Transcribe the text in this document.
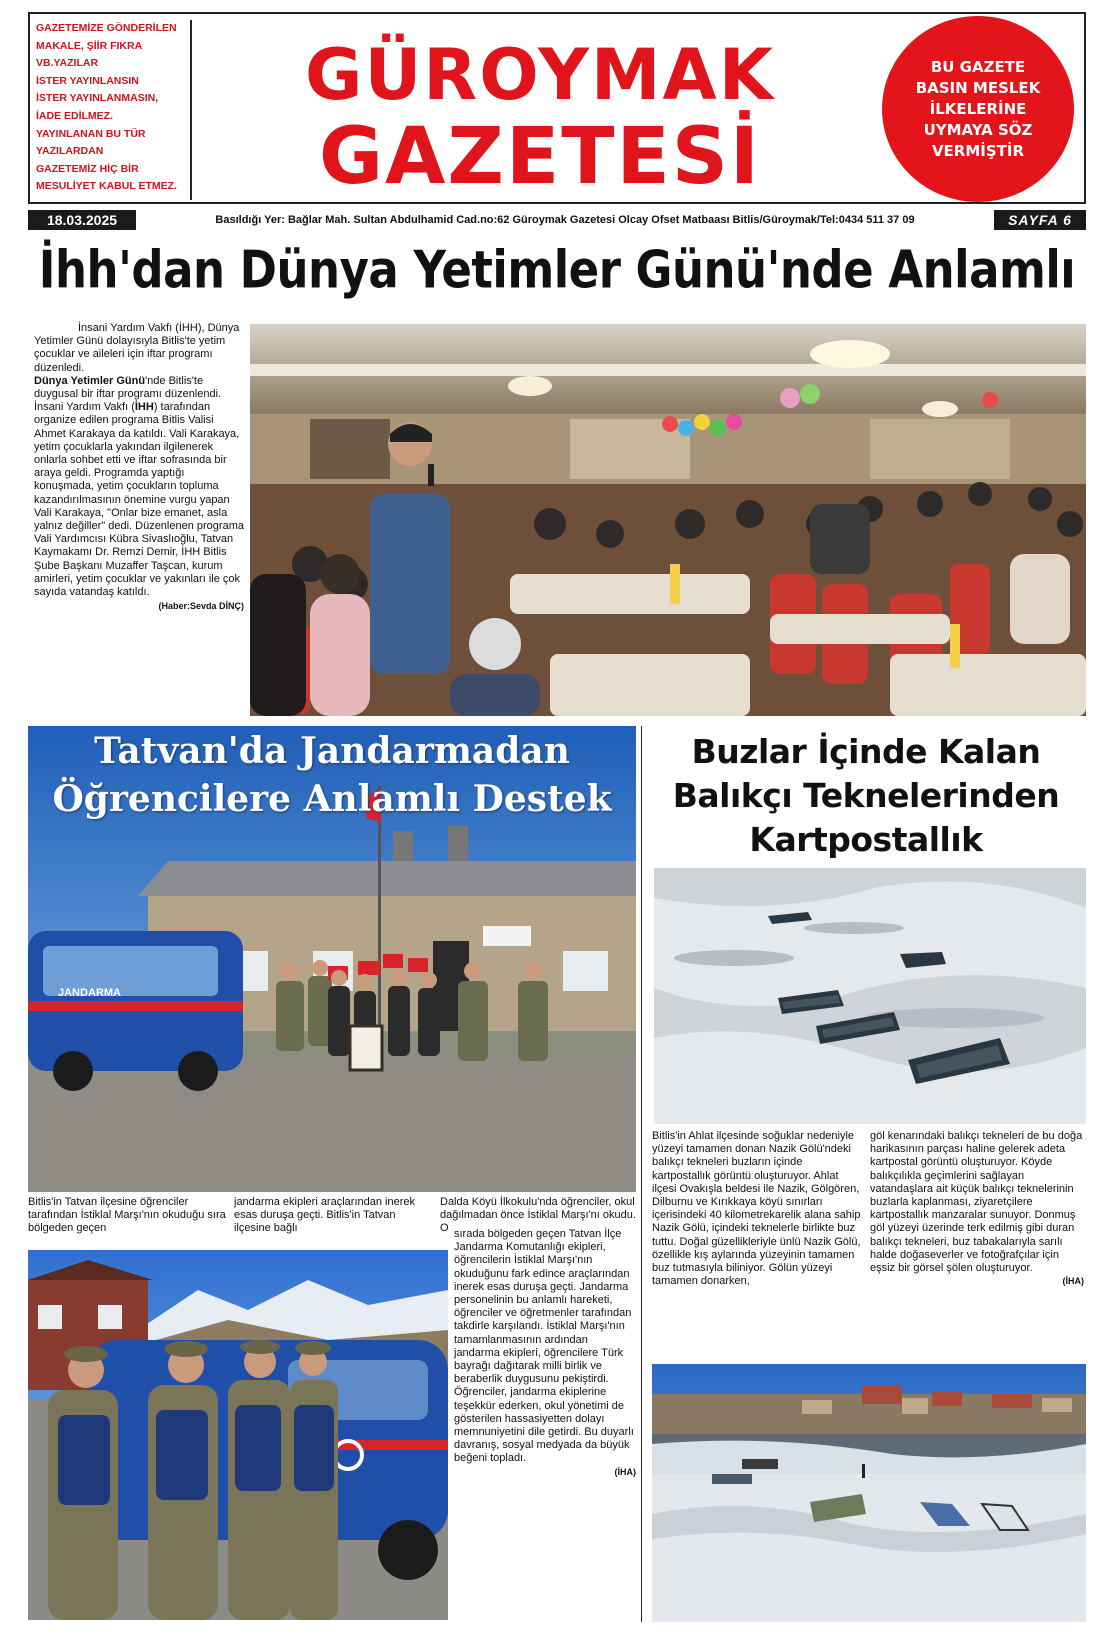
GAZETEMİZE GÖNDERİLEN
MAKALE, ŞİİR FIKRA
VB.YAZILAR
İSTER YAYINLANSIN
İSTER YAYINLANMASIN,
İADE EDİLMEZ.
YAYINLANAN BU TÜR
YAZILARDAN
GAZETEMİZ HİÇ BİR
MESULİYET KABUL ETMEZ.
GÜROYMAK
GAZETESİ
BU GAZETE BASIN MESLEK İLKELERİNE UYMAYA SÖZ VERMİŞTİR
18.03.2025	Basıldığı Yer: Bağlar Mah. Sultan Abdulhamid Cad.no:62 Güroymak Gazetesi Olcay Ofset Matbaası Bitlis/Güroymak/Tel:0434 511 37 09	SAYFA 6
İhh'dan Dünya Yetimler Günü'nde Anlamlı

İnsani Yardım Vakfı (İHH), Dünya Yetimler Günü dolayısıyla Bitlis'te yetim çocuklar ve aileleri için iftar programı düzenledi.

Dünya Yetimler Günü'nde Bitlis'te duygusal bir iftar programı düzenlendi. İnsani Yardım Vakfı (İHH) tarafından organize edilen programa Bitlis Valisi Ahmet Karakaya da katıldı. Vali Karakaya, yetim çocuklarla yakından ilgilenerek onlarla sohbet etti ve iftar sofrasında bir araya geldi. Programda yaptığı konuşmada, yetim çocukların topluma kazandırılmasının önemine vurgu yapan Vali Karakaya, "Onlar bize emanet, asla yalnız değiller" dedi. Düzenlenen programa Vali Yardımcısı Kübra Sivaslıoğlu, Tatvan Kaymakamı Dr. Remzi Demir, İHH Bitlis Şube Başkanı Muzaffer Taşcan, kurum amirleri, yetim çocuklar ve yakınları ile çok sayıda vatandaş katıldı.
(Haber:Sevda DİNÇ)
JANDARMA
Tatvan'da Jandarmadan
Öğrencilere Anlamlı Destek
Bitlis'in Tatvan ilçesine öğrenciler tarafından İstiklal Marşı'nın okuduğu sıra bölgeden geçen
jandarma ekipleri araçlarından inerek esas duruşa geçti. Bitlis'in Tatvan ilçesine bağlı
Dalda Köyü İlkokulu'nda öğrenciler, okul dağılmadan önce İstiklal Marşı'nı okudu. O sırada bölgeden geçen Tatvan İlçe Jandarma Komutanlığı ekipleri, öğrencilerin İstiklal Marşı'nın okuduğunu fark edince araçlarından inerek esas duruşa geçti. Jandarma personelinin bu anlamlı hareketi, öğrenciler ve öğretmenler tarafından takdirle karşılandı. İstiklal Marşı'nın tamamlanmasının ardından jandarma ekipleri, öğrencilere Türk bayrağı dağıtarak milli birlik ve beraberlik duygusunu pekiştirdi.
Öğrenciler, jandarma ekiplerine teşekkür ederken, okul yönetimi de gösterilen hassasiyetten dolayı memnuniyetini dile getirdi. Bu duyarlı davranış, sosyal medyada da büyük beğeni topladı.
(İHA)
Buzlar İçinde Kalan
Balıkçı Teknelerinden
Kartpostallık
Bitlis'in Ahlat ilçesinde soğuklar nedeniyle yüzeyi tamamen donan Nazik Gölü'ndeki balıkçı tekneleri buzların içinde kartpostallık görüntü oluşturuyor. Ahlat ilçesi Ovakışla beldesi ile Nazik, Gölgören, Dilburnu ve Kırıkkaya köyü sınırları içerisindeki 40 kilometrekarelik alana sahip Nazik Gölü, içindeki teknelerle birlikte buz tuttu. Doğal güzellikleriyle ünlü Nazik Gölü, özellikle kış aylarında yüzeyinin tamamen buz tutmasıyla biliniyor. Gölün yüzeyi tamamen donarken,
göl kenarındaki balıkçı tekneleri de bu doğa harikasının parçası haline gelerek adeta kartpostal görüntü oluşturuyor. Köyde balıkçılıkla geçimlerini sağlayan vatandaşlara ait küçük balıkçı teknelerinin buzlarla kaplanması, ziyaretçilere kartpostallık manzaralar sunuyor. Donmuş göl yüzeyi üzerinde terk edilmiş gibi duran balıkçı tekneleri, buz tabakalarıyla sarılı halde doğaseverler ve fotoğrafçılar için eşsiz bir görsel şölen oluşturuyor.
(İHA)
